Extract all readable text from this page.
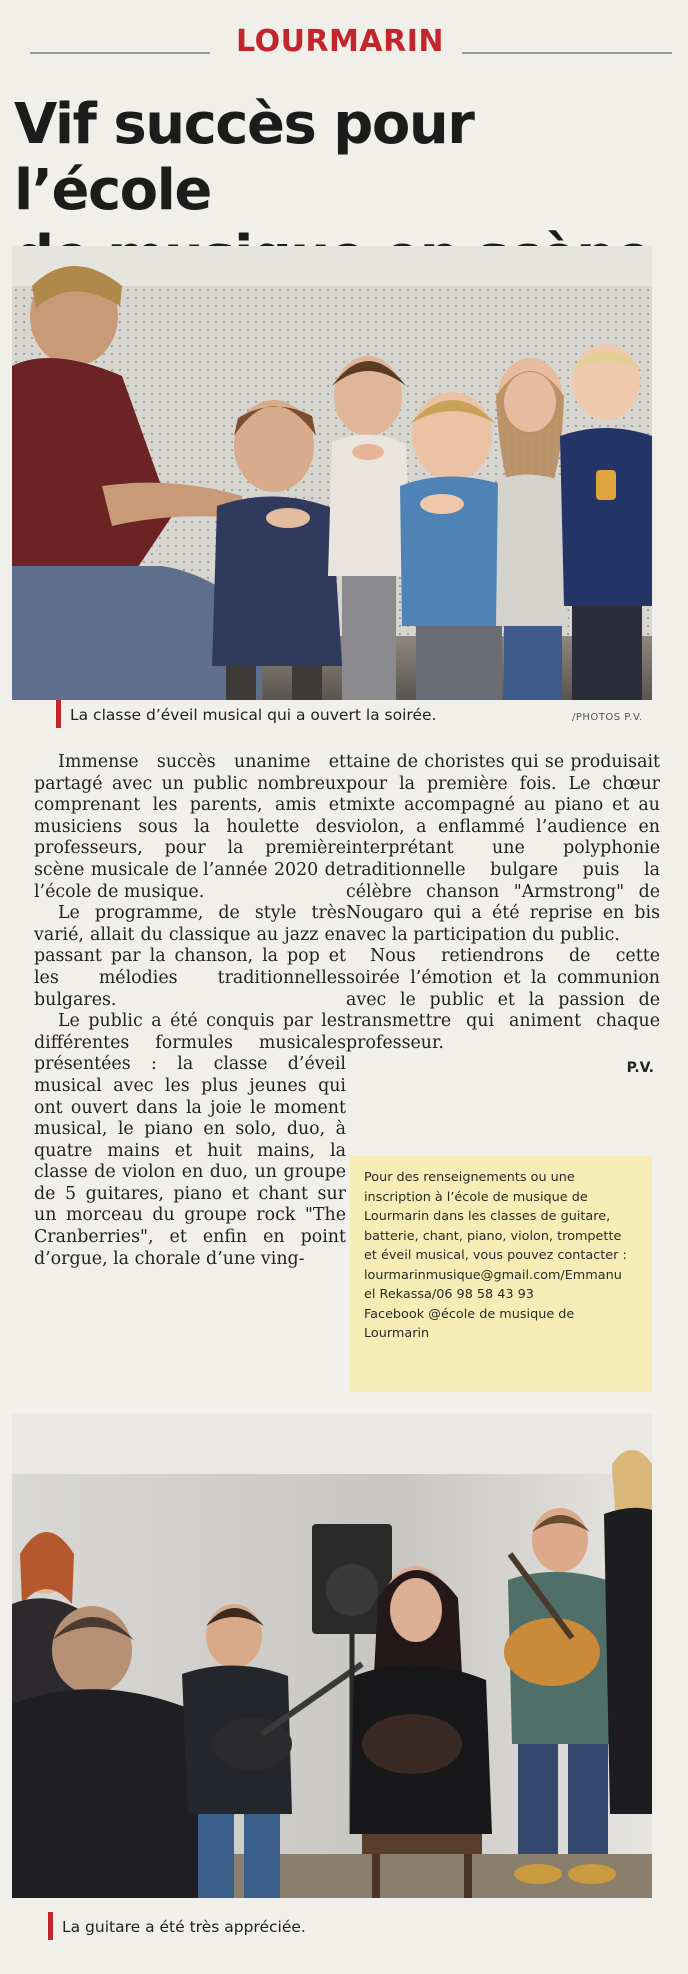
LOURMARIN
Vif succès pour l’école

La classe d’éveil musical qui a ouvert la soirée.	/PHOTOS P.V.

Immense succès unanime et partagé avec un public nombreux comprenant les parents, amis et musiciens sous la houlette des professeurs, pour la première scène musicale de l’année 2020 de l’école de musique.

Le programme, de style très varié, allait du classique au jazz en passant par la chanson, la pop et les mélodies traditionnelles bulgares.

Le public a été conquis par les différentes formules musicales présentées : la classe d’éveil musical avec les plus jeunes qui ont ouvert dans la joie le moment musical, le piano en solo, duo, à quatre mains et huit mains, la classe de violon en duo, un groupe de 5 guitares, piano et chant sur un morceau du groupe rock "The Cranberries", et enfin en point d’orgue, la chorale d’une ving-

taine de choristes qui se produisait pour la première fois. Le chœur mixte accompagné au piano et au violon, a enflammé l’audience en interprétant une polyphonie traditionnelle bulgare puis la célèbre chanson "Armstrong" de Nougaro qui a été reprise en bis avec la participation du public.

Nous retiendrons de cette soirée l’émotion et la communion avec le public et la passion de transmettre qui animent chaque professeur.

P.V.

Pour des renseignements ou une

inscription à l’école de musique de

Lourmarin dans les classes de guitare,

batterie, chant, piano, violon, trompette

et éveil musical, vous pouvez contacter :

lourmarinmusique@gmail.com/Emmanu

el Rekassa/06 98 58 43 93

Facebook @école de musique de

Lourmarin

La guitare a été très appréciée.
